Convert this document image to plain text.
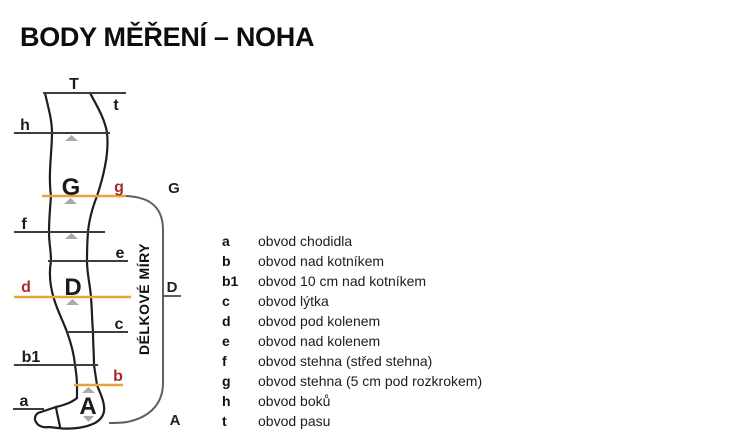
BODY MĚŘENÍ – NOHA
T
t
h
G g
f
e
D
d
c
b1
b
a A
G
D
A
DÉLKOVÉ MÍRY
a	obvod chodidla
b	obvod nad kotníkem
b1	obvod 10 cm nad kotníkem
c	obvod lýtka
d	obvod pod kolenem
e	obvod nad kolenem
f	obvod stehna (střed stehna)
g	obvod stehna (5 cm pod rozkrokem)
h	obvod boků
t	obvod pasu
